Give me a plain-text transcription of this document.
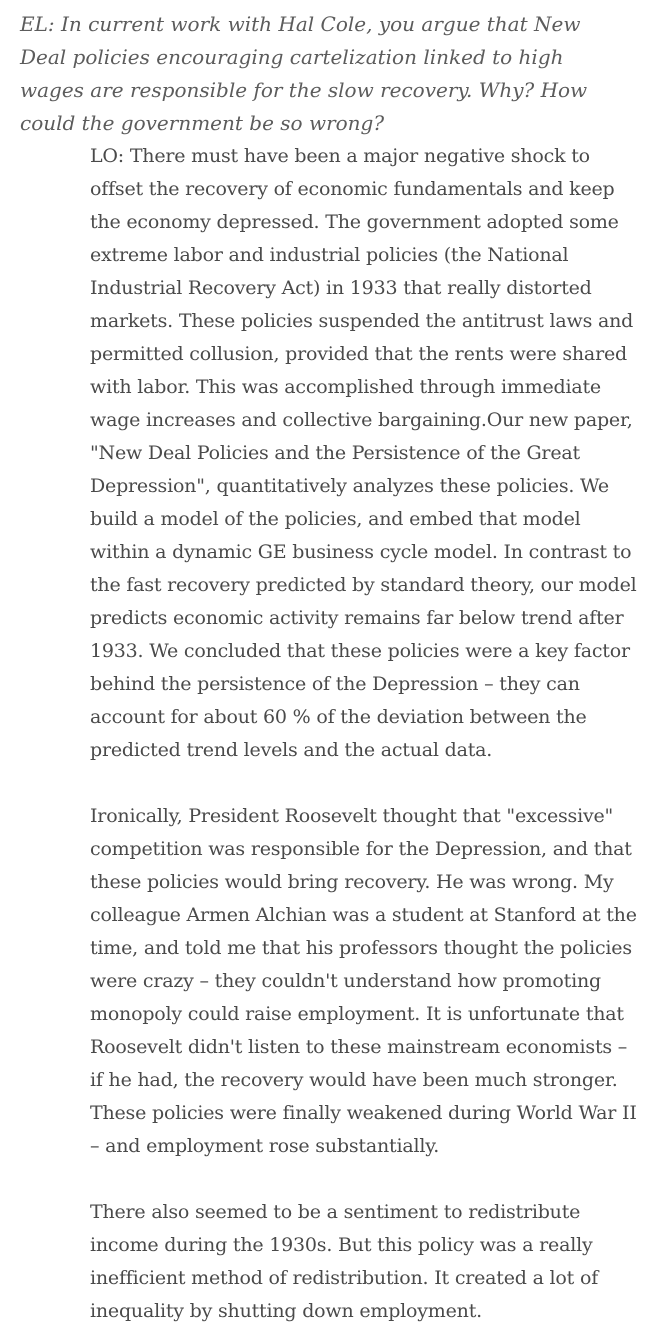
EL: In current work with Hal Cole, you argue that New Deal policies encouraging cartelization linked to high wages are responsible for the slow recovery. Why? How could the government be so wrong?

LO: There must have been a major negative shock to offset the recovery of economic fundamentals and keep the economy depressed. The government adopted some extreme labor and industrial policies (the National Industrial Recovery Act) in 1933 that really distorted markets. These policies suspended the antitrust laws and permitted collusion, provided that the rents were shared with labor. This was accomplished through immediate wage increases and collective bargaining.Our new paper, "New Deal Policies and the Persistence of the Great Depression", quantitatively analyzes these policies. We build a model of the policies, and embed that model within a dynamic GE business cycle model. In contrast to the fast recovery predicted by standard theory, our model predicts economic activity remains far below trend after 1933. We concluded that these policies were a key factor behind the persistence of the Depression – they can account for about 60 % of the deviation between the predicted trend levels and the actual data.

Ironically, President Roosevelt thought that "excessive" competition was responsible for the Depression, and that these policies would bring recovery. He was wrong. My colleague Armen Alchian was a student at Stanford at the time, and told me that his professors thought the policies were crazy – they couldn't understand how promoting monopoly could raise employment. It is unfortunate that Roosevelt didn't listen to these mainstream economists – if he had, the recovery would have been much stronger. These policies were finally weakened during World War II – and employment rose substantially.

There also seemed to be a sentiment to redistribute income during the 1930s. But this policy was a really inefficient method of redistribution. It created a lot of inequality by shutting down employment.
